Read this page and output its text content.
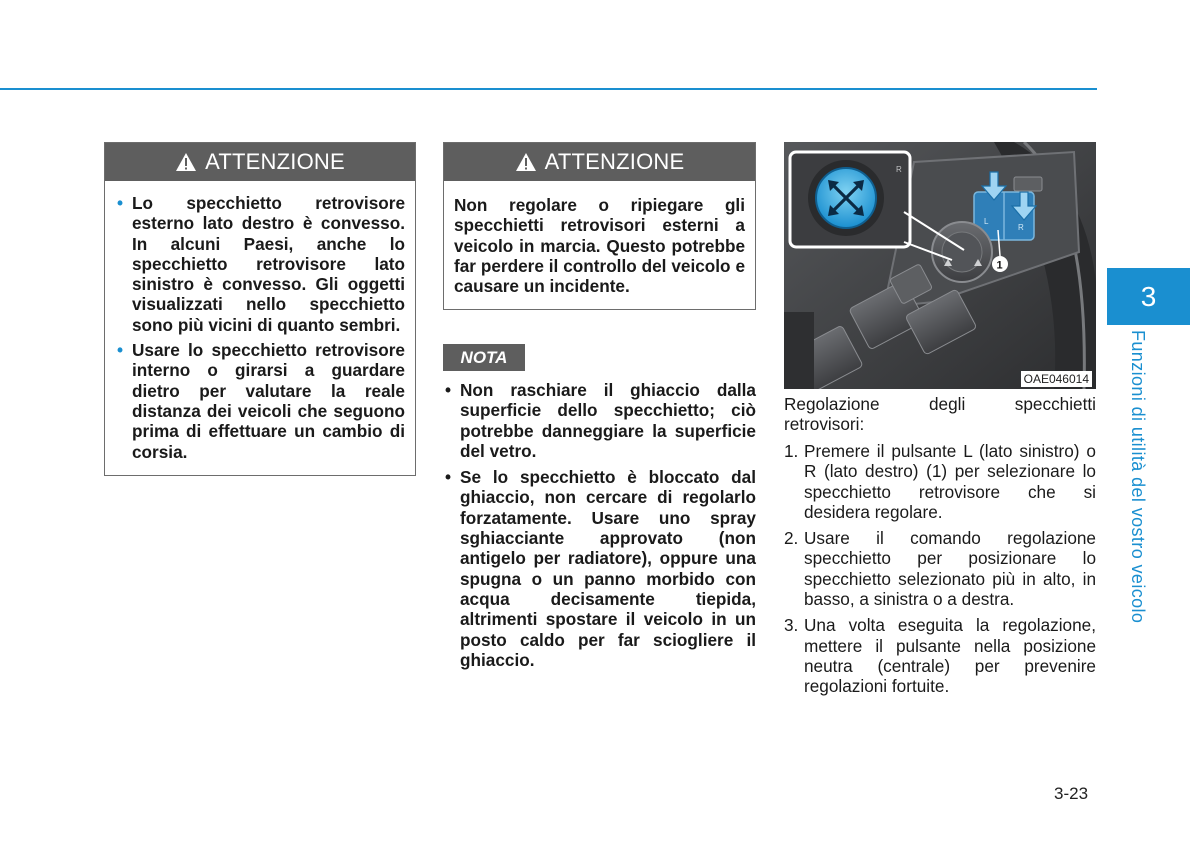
ATTENZIONE
• Lo specchietto retrovisore esterno lato destro è convesso. In alcuni Paesi, anche lo specchietto retrovisore lato sinistro è convesso. Gli oggetti visualizzati nello specchietto sono più vicini di quanto sembri.
• Usare lo specchietto retrovisore interno o girarsi a guardare dietro per valutare la reale distanza dei veicoli che seguono prima di effettuare un cambio di corsia.
ATTENZIONE

Non regolare o ripiegare gli specchietti retrovisori esterni a veicolo in marcia. Questo potrebbe far perdere il controllo del veicolo e causare un incidente.

NOTA
• Non raschiare il ghiaccio dalla superficie dello specchietto; ciò potrebbe danneggiare la superficie del vetro.
• Se lo specchietto è bloccato dal ghiaccio, non cercare di regolarlo forzatamente. Usare uno spray sghiacciante approvato (non antigelo per radiatore), oppure una spugna o un panno morbido con acqua decisamente tiepida, altrimenti spostare il veicolo in un posto caldo per far sciogliere il ghiaccio.
L
R
1
R
OAE046014
Regolazione	degli	specchietti
retrovisori:
1. Premere il pulsante L (lato sinistro) o R (lato destro) (1) per selezionare lo specchietto retrovisore che si desidera regolare.
2. Usare il comando regolazione specchietto per posizionare lo specchietto selezionato più in alto, in basso, a sinistra o a destra.
3. Una volta eseguita la regolazione, mettere il pulsante nella posizione neutra (centrale) per prevenire regolazioni fortuite.
3
Funzioni di utilità del vostro veicolo
3-23
